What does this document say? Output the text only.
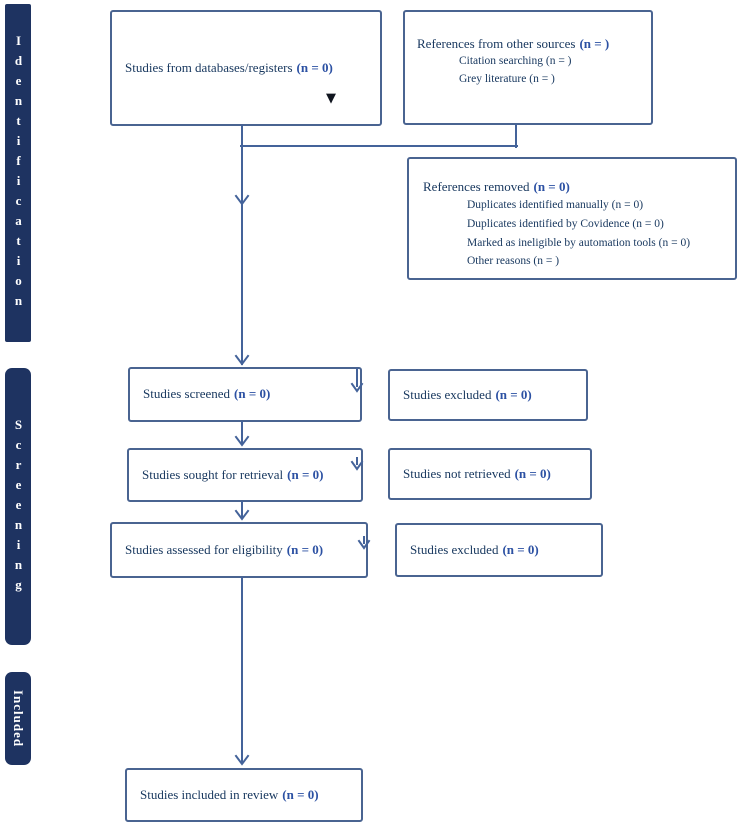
Identification
Screening
Included

Studies from databases/registers (n = 0)

▼

References from other sources (n = )

Citation searching (n = )
Grey literature (n = )

References removed (n = 0)

Duplicates identified manually (n = 0)
Duplicates identified by Covidence (n = 0)
Marked as ineligible by automation tools (n = 0)
Other reasons (n = )

Studies screened (n = 0)	Studies excluded (n = 0)

Studies sought for retrieval (n = 0)	Studies not retrieved (n = 0)

Studies assessed for eligibility (n = 0)	Studies excluded (n = 0)

Studies included in review (n = 0)
